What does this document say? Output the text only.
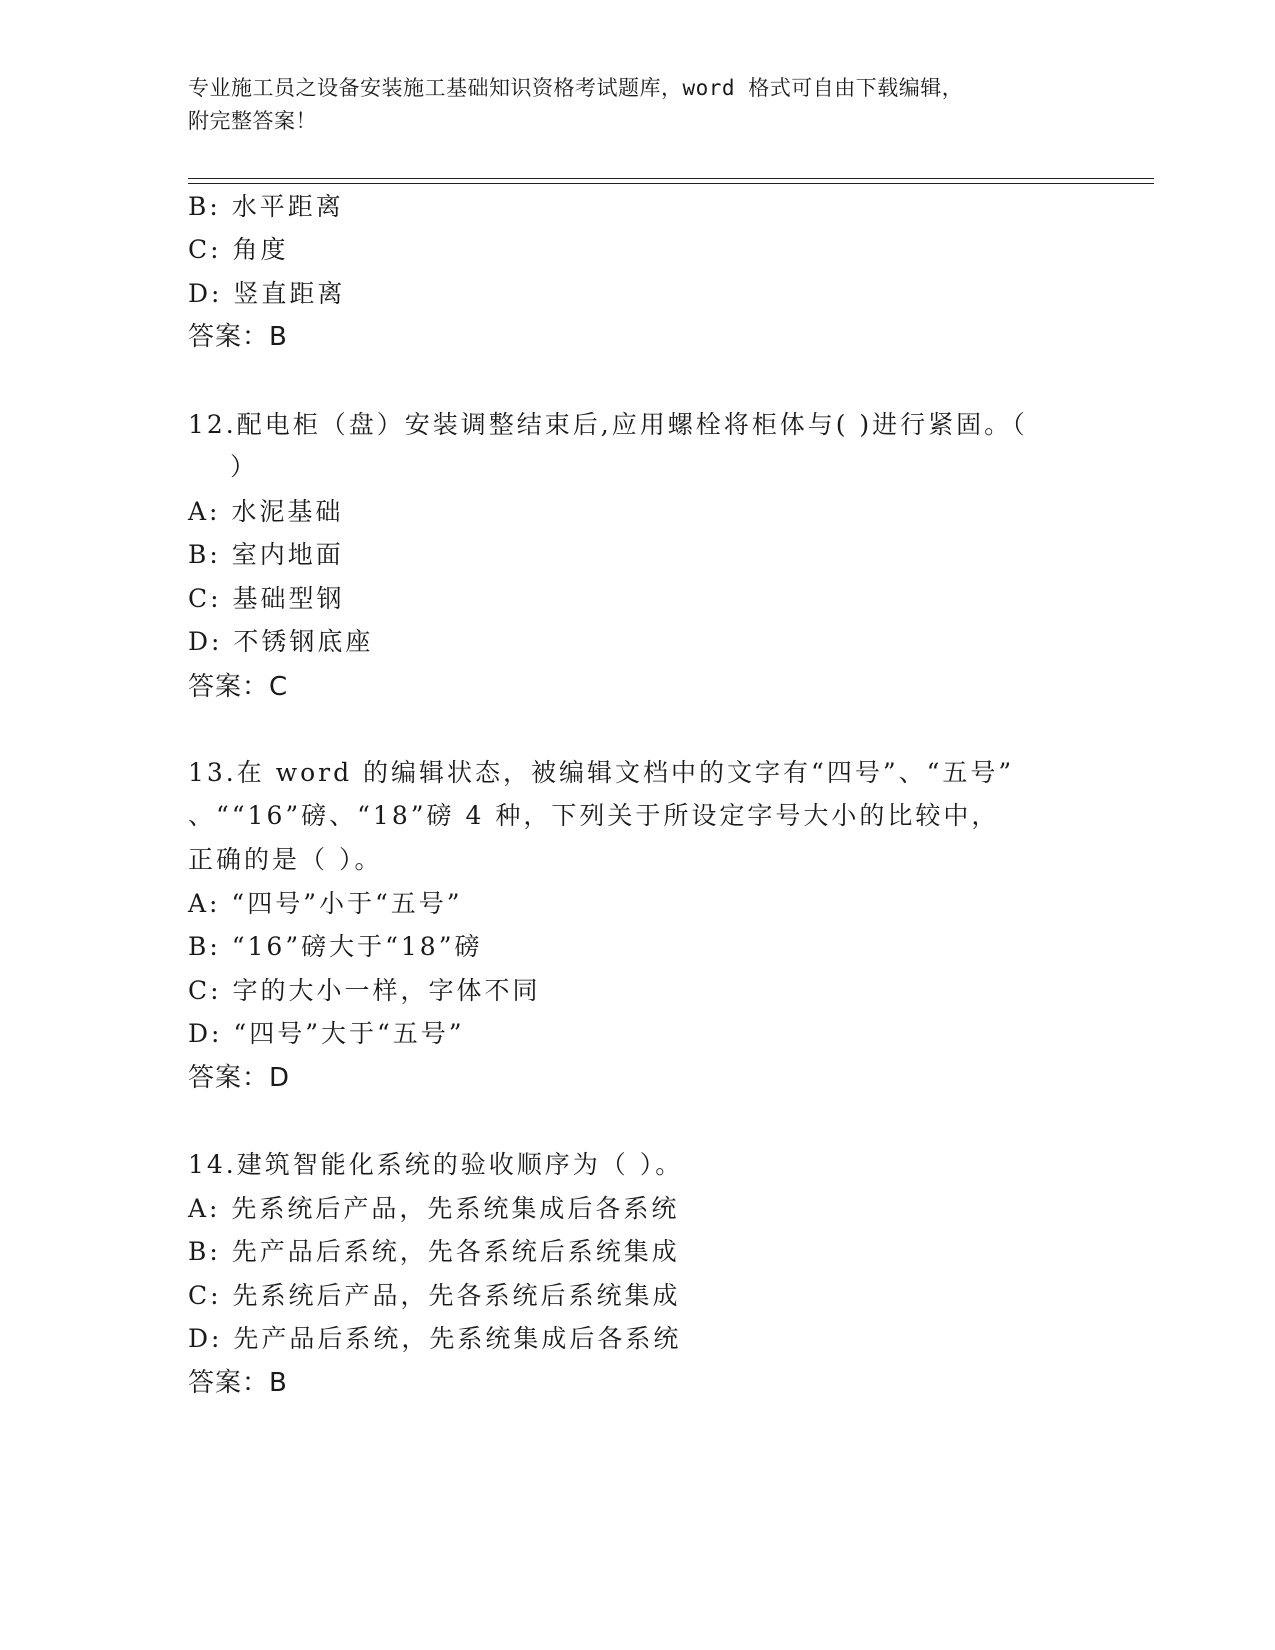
专业施工员之设备安装施工基础知识资格考试题库，word 格式可自由下载编辑，
附完整答案！
B: 水平距离
C: 角度
D: 竖直距离
答案：B
12.配电柜（盘）安装调整结束后,应用螺栓将柜体与( )进行紧固。（
）
A: 水泥基础
B: 室内地面
C: 基础型钢
D: 不锈钢底座
答案：C
13.在 word 的编辑状态，被编辑文档中的文字有“四号”、“五号”
、““16”磅、“18”磅 4 种，下列关于所设定字号大小的比较中，
正确的是（ ）。
A: “四号”小于“五号”
B: “16”磅大于“18”磅
C: 字的大小一样，字体不同
D: “四号”大于“五号”
答案：D
14.建筑智能化系统的验收顺序为（ ）。
A: 先系统后产品，先系统集成后各系统
B: 先产品后系统，先各系统后系统集成
C: 先系统后产品，先各系统后系统集成
D: 先产品后系统，先系统集成后各系统
答案：B
